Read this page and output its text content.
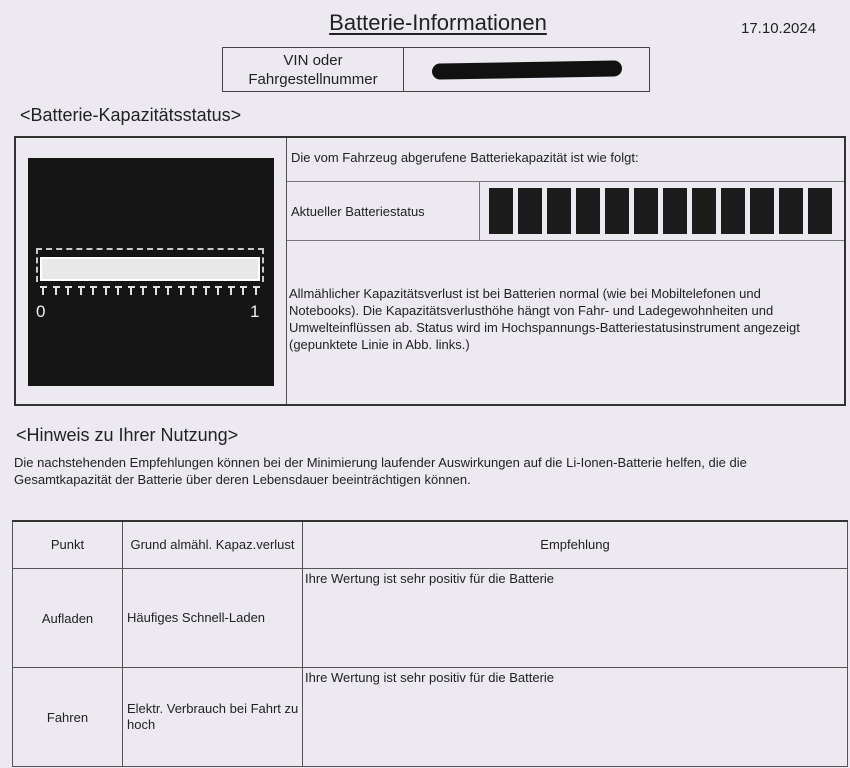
Batterie-Informationen	17.10.2024
VIN oder
Fahrgestellnummer
<Batterie-Kapazitätsstatus>
0	1
Die vom Fahrzeug abgerufene Batteriekapazität ist wie folgt:
Aktueller Batteriestatus
Allmählicher Kapazitätsverlust ist bei Batterien normal (wie bei Mobiltelefonen und Notebooks). Die Kapazitätsverlusthöhe hängt von Fahr- und Ladegewohnheiten und Umwelteinflüssen ab. Status wird im Hochspannungs-Batteriestatusinstrument angezeigt (gepunktete Linie in Abb. links.)
<Hinweis zu Ihrer Nutzung>
Die nachstehenden Empfehlungen können bei der Minimierung laufender Auswirkungen auf die Li-Ionen-Batterie helfen, die die Gesamtkapazität der Batterie über deren Lebensdauer beeinträchtigen können.
Punkt	Grund almähl. Kapaz.verlust	Empfehlung
Aufladen	Häufiges Schnell-Laden	Ihre Wertung ist sehr positiv für die Batterie
Fahren	Elektr. Verbrauch bei Fahrt zu hoch	Ihre Wertung ist sehr positiv für die Batterie
